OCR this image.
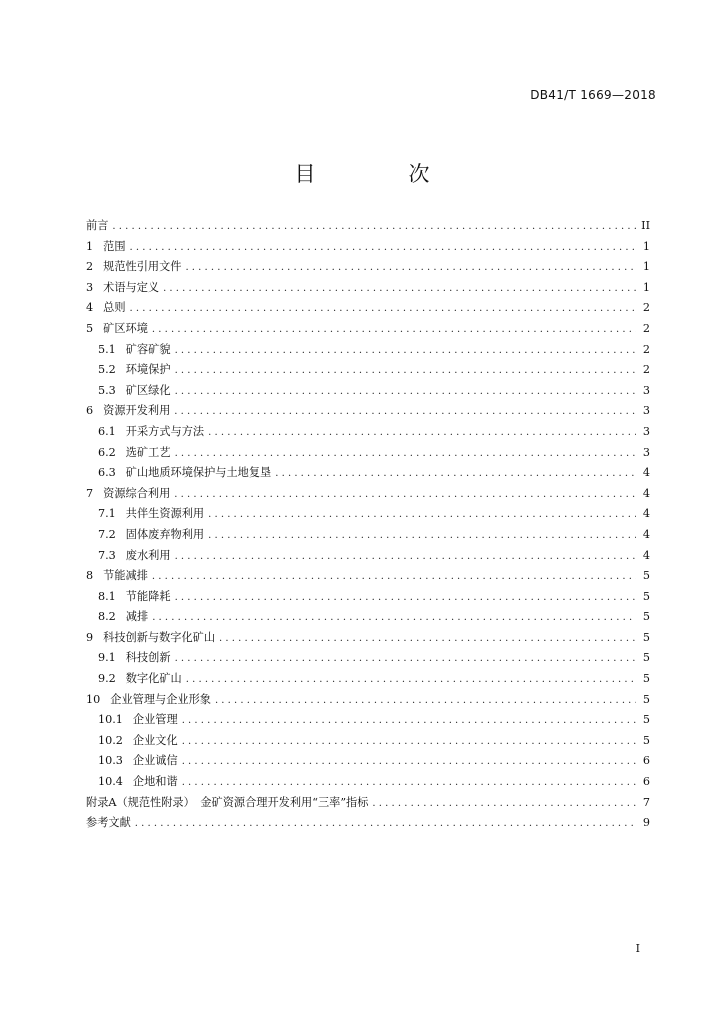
DB41/T 1669—2018
目　次
前言 . . .	II
1 范围 . . .	1
2 规范性引用文件 . . .	1
3 术语与定义 . . .	1
4 总则 . . .	2
5 矿区环境 . . .	2
5.1 矿容矿貌 . . .	2
5.2 环境保护 . . .	2
5.3 矿区绿化 . . .	3
6 资源开发利用 . . .	3
6.1 开采方式与方法 . . .	3
6.2 选矿工艺 . . .	3
6.3 矿山地质环境保护与土地复垦 . . .	4
7 资源综合利用 . . .	4
7.1 共伴生资源利用 . . .	4
7.2 固体废弃物利用 . . .	4
7.3 废水利用 . . .	4
8 节能减排 . . .	5
8.1 节能降耗 . . .	5
8.2 减排 . . .	5
9 科技创新与数字化矿山 . . .	5
9.1 科技创新 . . .	5
9.2 数字化矿山 . . .	5
10 企业管理与企业形象 . . .	5
10.1 企业管理 . . .	5
10.2 企业文化 . . .	5
10.3 企业诚信 . . .	6
10.4 企地和谐 . . .	6
附录A（规范性附录）　金矿资源合理开发利用“三率”指标 . . .	7
参考文献 . . .	9
I
